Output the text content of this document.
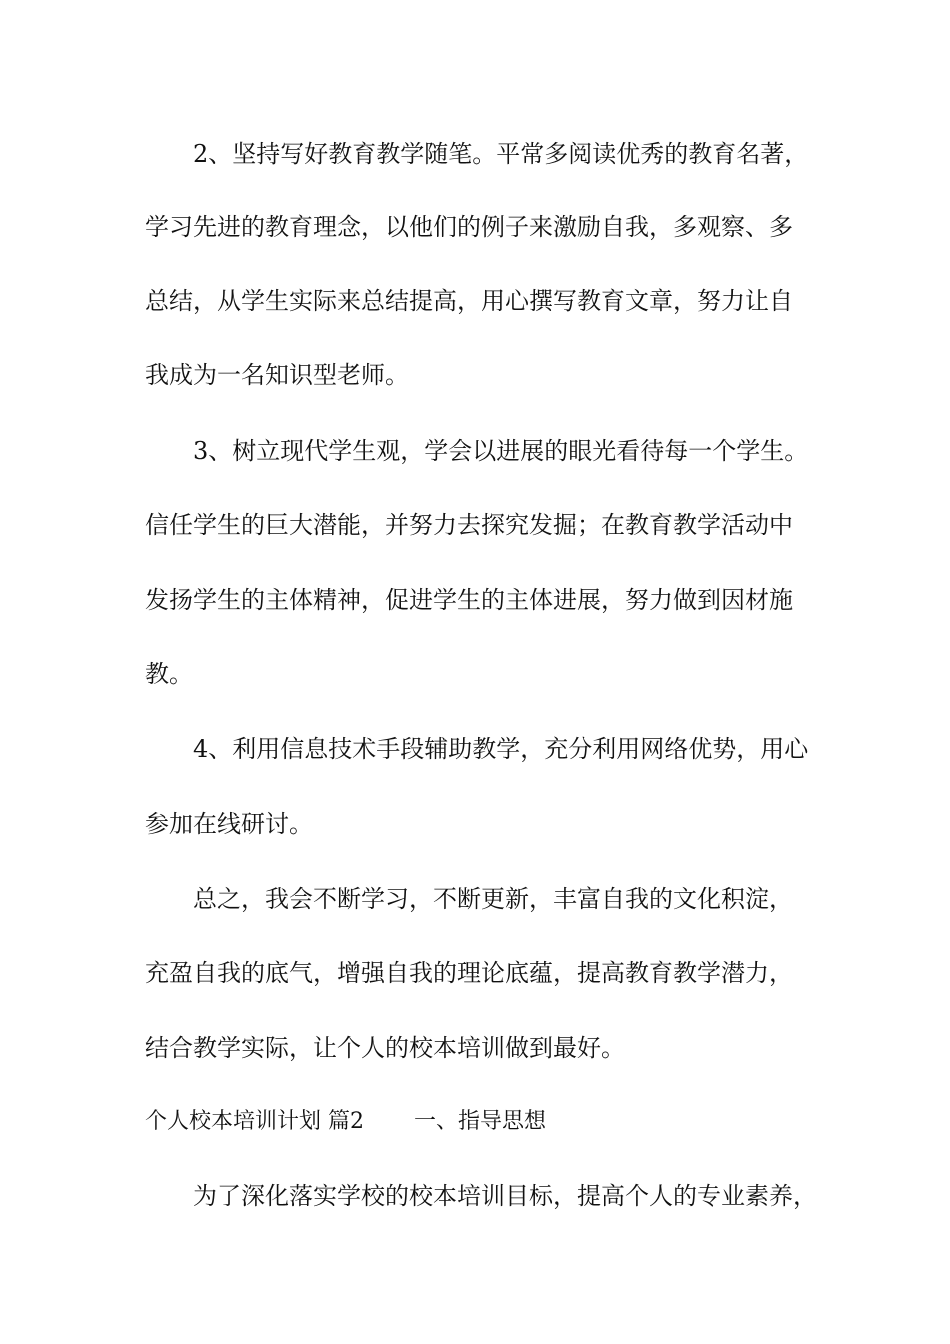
2、坚持写好教育教学随笔。平常多阅读优秀的教育名著，
学习先进的教育理念，以他们的例子来激励自我，多观察、多
总结，从学生实际来总结提高，用心撰写教育文章，努力让自
我成为一名知识型老师。
3、树立现代学生观，学会以进展的眼光看待每一个学生。
信任学生的巨大潜能，并努力去探究发掘；在教育教学活动中
发扬学生的主体精神，促进学生的主体进展，努力做到因材施
教。
4、利用信息技术手段辅助教学，充分利用网络优势，用心
参加在线研讨。
总之，我会不断学习，不断更新，丰富自我的文化积淀，
充盈自我的底气，增强自我的理论底蕴，提高教育教学潜力，
结合教学实际，让个人的校本培训做到最好。
个人校本培训计划 篇2 一、指导思想
为了深化落实学校的校本培训目标，提高个人的专业素养，
